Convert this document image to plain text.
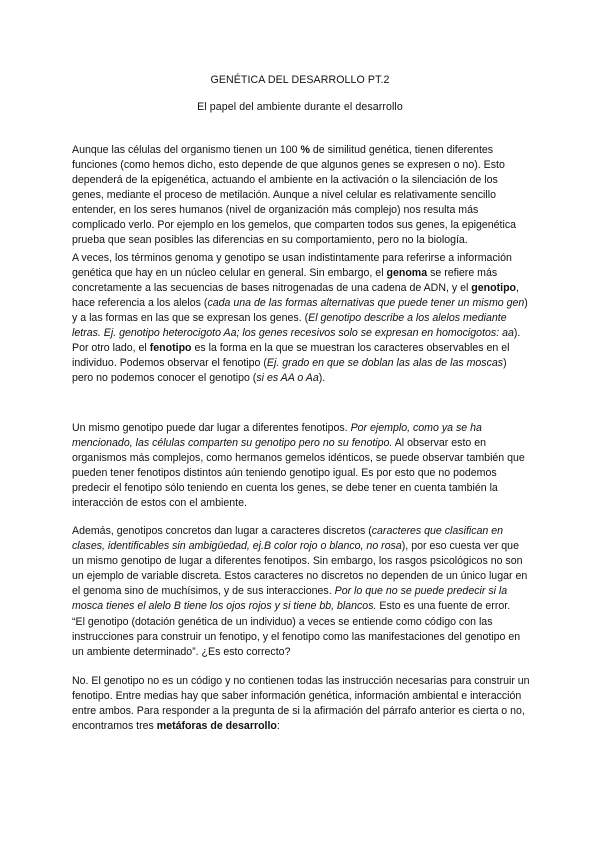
GENÉTICA DEL DESARROLLO PT.2
El papel del ambiente durante el desarrollo

Aunque las células del organismo tienen un 100 % de similitud genética, tienen diferentes funciones (como hemos dicho, esto depende de que algunos genes se expresen o no). Esto dependerá de la epigenética, actuando el ambiente en la activación o la silenciación de los genes, mediante el proceso de metilación. Aunque a nivel celular es relativamente sencillo entender, en los seres humanos (nivel de organización más complejo) nos resulta más complicado verlo. Por ejemplo en los gemelos, que comparten todos sus genes, la epigenética prueba que sean posibles las diferencias en su comportamiento, pero no la biología.

A veces, los términos genoma y genotipo se usan indistintamente para referirse a información genética que hay en un núcleo celular en general. Sin embargo, el genoma se refiere más concretamente a las secuencias de bases nitrogenadas de una cadena de ADN, y el genotipo, hace referencia a los alelos (cada una de las formas alternativas que puede tener un mismo gen) y a las formas en las que se expresan los genes. (El genotipo describe a los alelos mediante letras. Ej. genotipo heterocigoto Aa; los genes recesivos solo se expresan en homocigotos: aa). Por otro lado, el fenotipo es la forma en la que se muestran los caracteres observables en el individuo. Podemos observar el fenotipo (Ej. grado en que se doblan las alas de las moscas) pero no podemos conocer el genotipo (si es AA o Aa).

Un mismo genotipo puede dar lugar a diferentes fenotipos. Por ejemplo, como ya se ha mencionado, las células comparten su genotipo pero no su fenotipo. Al observar esto en organismos más complejos, como hermanos gemelos idénticos, se puede observar también que pueden tener fenotipos distintos aún teniendo genotipo igual. Es por esto que no podemos predecir el fenotipo sólo teniendo en cuenta los genes, se debe tener en cuenta también la interacción de estos con el ambiente.

Además, genotipos concretos dan lugar a caracteres discretos (caracteres que clasifican en clases, identificables sin ambigüedad, ej.B color rojo o blanco, no rosa), por eso cuesta ver que un mismo genotipo de lugar a diferentes fenotipos. Sin embargo, los rasgos psicológicos no son un ejemplo de variable discreta. Estos caracteres no discretos no dependen de un único lugar en el genoma sino de muchísimos, y de sus interacciones. Por lo que no se puede predecir si la mosca tienes el alelo B tiene los ojos rojos y si tiene bb, blancos. Esto es una fuente de error.

“El genotipo (dotación genética de un individuo) a veces se entiende como código con las instrucciones para construir un fenotipo, y el fenotipo como las manifestaciones del genotipo en un ambiente determinado”. ¿Es esto correcto?

No. El genotipo no es un código y no contienen todas las instrucción necesarias para construir un fenotipo. Entre medias hay que saber información genética, información ambiental e interacción entre ambos. Para responder a la pregunta de si la afirmación del párrafo anterior es cierta o no, encontramos tres metáforas de desarrollo:
